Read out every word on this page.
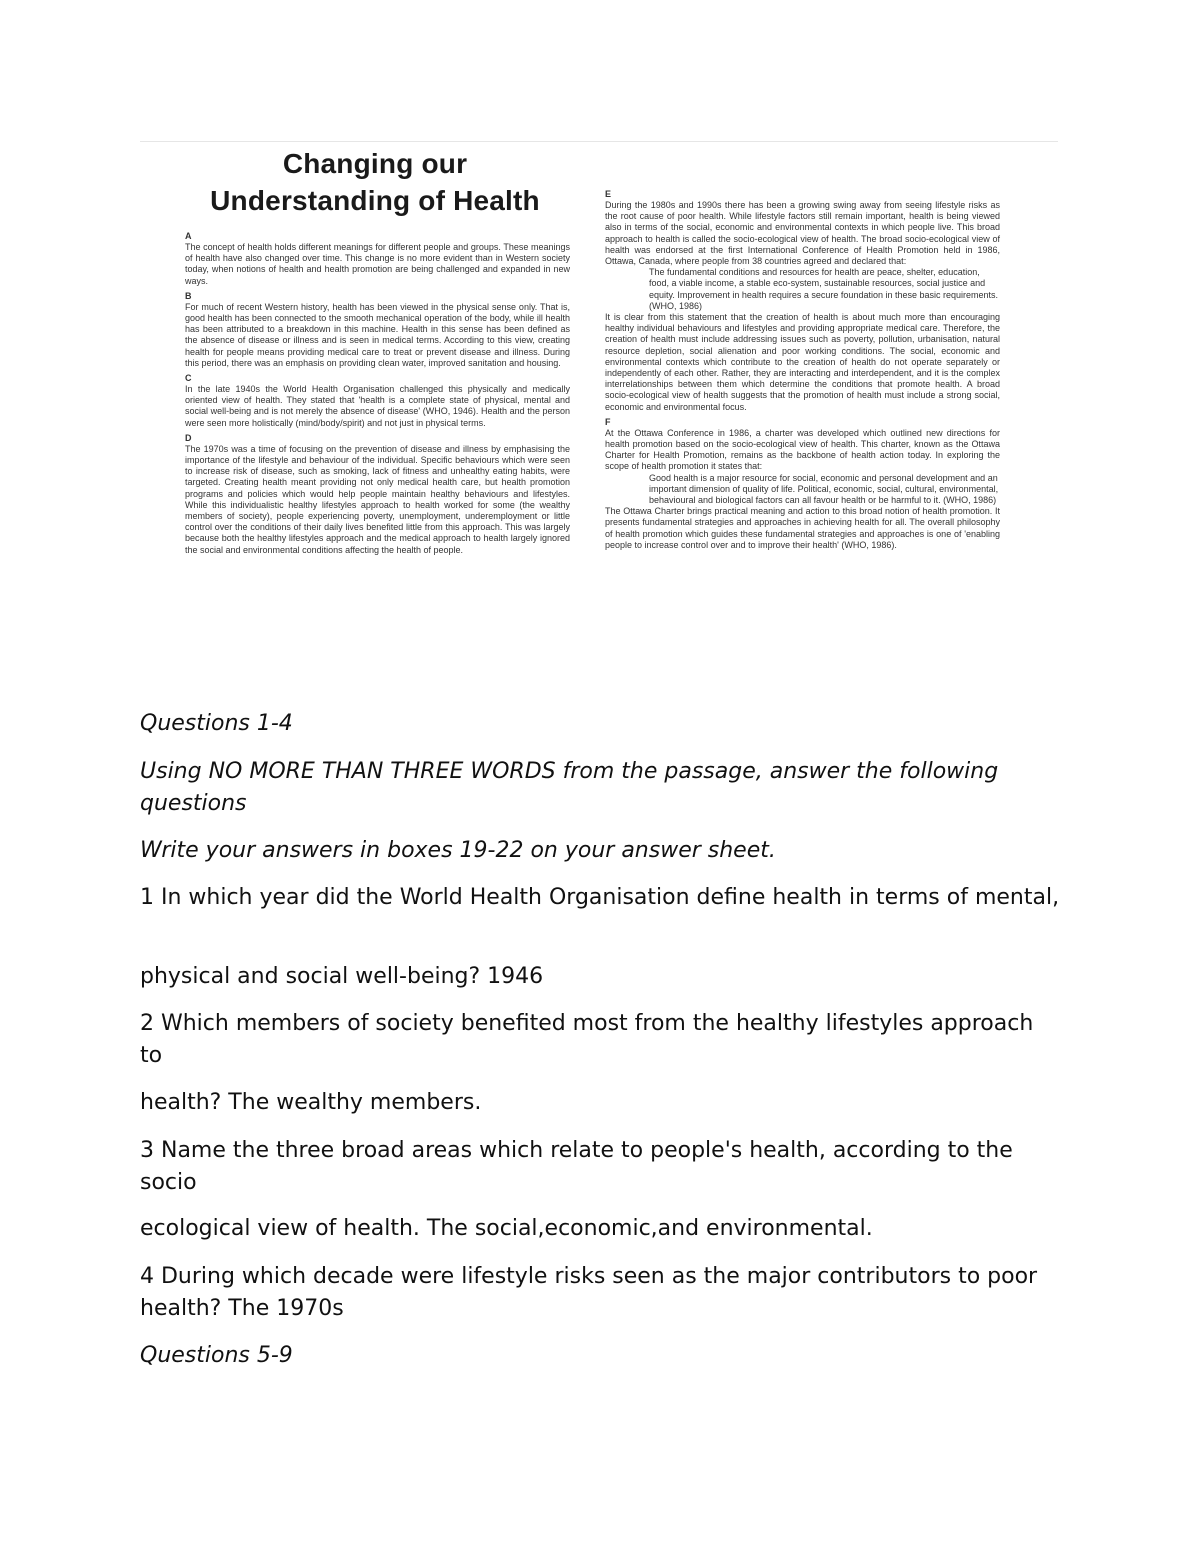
Changing our
Understanding of Health
A

The concept of health holds different meanings for different people and groups. These meanings of health have also changed over time. This change is no more evident than in Western society today, when notions of health and health promotion are being challenged and expanded in new ways.

B

For much of recent Western history, health has been viewed in the physical sense only. That is, good health has been connected to the smooth mechanical operation of the body, while ill health has been attributed to a breakdown in this machine. Health in this sense has been defined as the absence of disease or illness and is seen in medical terms. According to this view, creating health for people means providing medical care to treat or prevent disease and illness. During this period, there was an emphasis on providing clean water, improved sanitation and housing.

C

In the late 1940s the World Health Organisation challenged this physically and medically oriented view of health. They stated that 'health is a complete state of physical, mental and social well-being and is not merely the absence of disease' (WHO, 1946). Health and the person were seen more holistically (mind/body/spirit) and not just in physical terms.

D

The 1970s was a time of focusing on the prevention of disease and illness by emphasising the importance of the lifestyle and behaviour of the individual. Specific behaviours which were seen to increase risk of disease, such as smoking, lack of fitness and unhealthy eating habits, were targeted. Creating health meant providing not only medical health care, but health promotion programs and policies which would help people maintain healthy behaviours and lifestyles. While this individualistic healthy lifestyles approach to health worked for some (the wealthy members of society), people experiencing poverty, unemployment, underemployment or little control over the conditions of their daily lives benefited little from this approach. This was largely because both the healthy lifestyles approach and the medical approach to health largely ignored the social and environmental conditions affecting the health of people.

E

During the 1980s and 1990s there has been a growing swing away from seeing lifestyle risks as the root cause of poor health. While lifestyle factors still remain important, health is being viewed also in terms of the social, economic and environmental contexts in which people live. This broad approach to health is called the socio-ecological view of health. The broad socio-ecological view of health was endorsed at the first International Conference of Health Promotion held in 1986, Ottawa, Canada, where people from 38 countries agreed and declared that:

The fundamental conditions and resources for health are peace, shelter, education, food, a viable income, a stable eco-system, sustainable resources, social justice and equity. Improvement in health requires a secure foundation in these basic requirements. (WHO, 1986)

It is clear from this statement that the creation of health is about much more than encouraging healthy individual behaviours and lifestyles and providing appropriate medical care. Therefore, the creation of health must include addressing issues such as poverty, pollution, urbanisation, natural resource depletion, social alienation and poor working conditions. The social, economic and environmental contexts which contribute to the creation of health do not operate separately or independently of each other. Rather, they are interacting and interdependent, and it is the complex interrelationships between them which determine the conditions that promote health. A broad socio-ecological view of health suggests that the promotion of health must include a strong social, economic and environmental focus.

F

At the Ottawa Conference in 1986, a charter was developed which outlined new directions for health promotion based on the socio-ecological view of health. This charter, known as the Ottawa Charter for Health Promotion, remains as the backbone of health action today. In exploring the scope of health promotion it states that:

Good health is a major resource for social, economic and personal development and an important dimension of quality of life. Political, economic, social, cultural, environmental, behavioural and biological factors can all favour health or be harmful to it. (WHO, 1986)

The Ottawa Charter brings practical meaning and action to this broad notion of health promotion. It presents fundamental strategies and approaches in achieving health for all. The overall philosophy of health promotion which guides these fundamental strategies and approaches is one of 'enabling people to increase control over and to improve their health' (WHO, 1986).

Questions 1-4

Using NO MORE THAN THREE WORDS from the passage, answer the following questions

Write your answers in boxes 19-22 on your answer sheet.

1 In which year did the World Health Organisation define health in terms of mental,

physical and social well-being? 1946

2 Which members of society benefited most from the healthy lifestyles approach to

health? The wealthy members.

3 Name the three broad areas which relate to people's health, according to the socio

ecological view of health. The social,economic,and environmental.

4 During which decade were lifestyle risks seen as the major contributors to poor health? The 1970s

Questions 5-9
